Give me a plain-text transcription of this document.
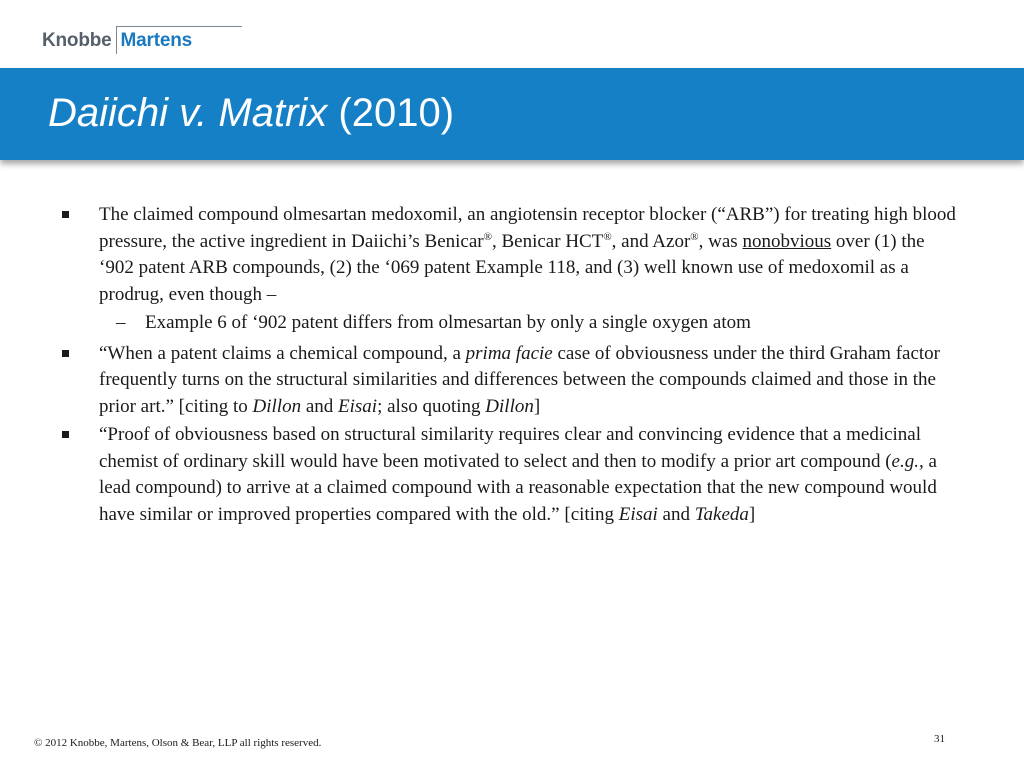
Knobbe Martens
Daiichi v. Matrix (2010)
The claimed compound olmesartan medoxomil, an angiotensin receptor blocker (“ARB”) for treating high blood pressure, the active ingredient in Daiichi’s Benicar®, Benicar HCT®, and Azor®, was nonobvious over (1) the ‘902 patent ARB compounds, (2) the ‘069 patent Example 118, and (3) well known use of medoxomil as a prodrug, even though –
– Example 6 of ‘902 patent differs from olmesartan by only a single oxygen atom
“When a patent claims a chemical compound, a prima facie case of obviousness under the third Graham factor frequently turns on the structural similarities and differences between the compounds claimed and those in the prior art.” [citing to Dillon and Eisai; also quoting Dillon]
“Proof of obviousness based on structural similarity requires clear and convincing evidence that a medicinal chemist of ordinary skill would have been motivated to select and then to modify a prior art compound (e.g., a lead compound) to arrive at a claimed compound with a reasonable expectation that the new compound would have similar or improved properties compared with the old.” [citing Eisai and Takeda]
© 2012 Knobbe, Martens, Olson & Bear, LLP all rights reserved.	31
